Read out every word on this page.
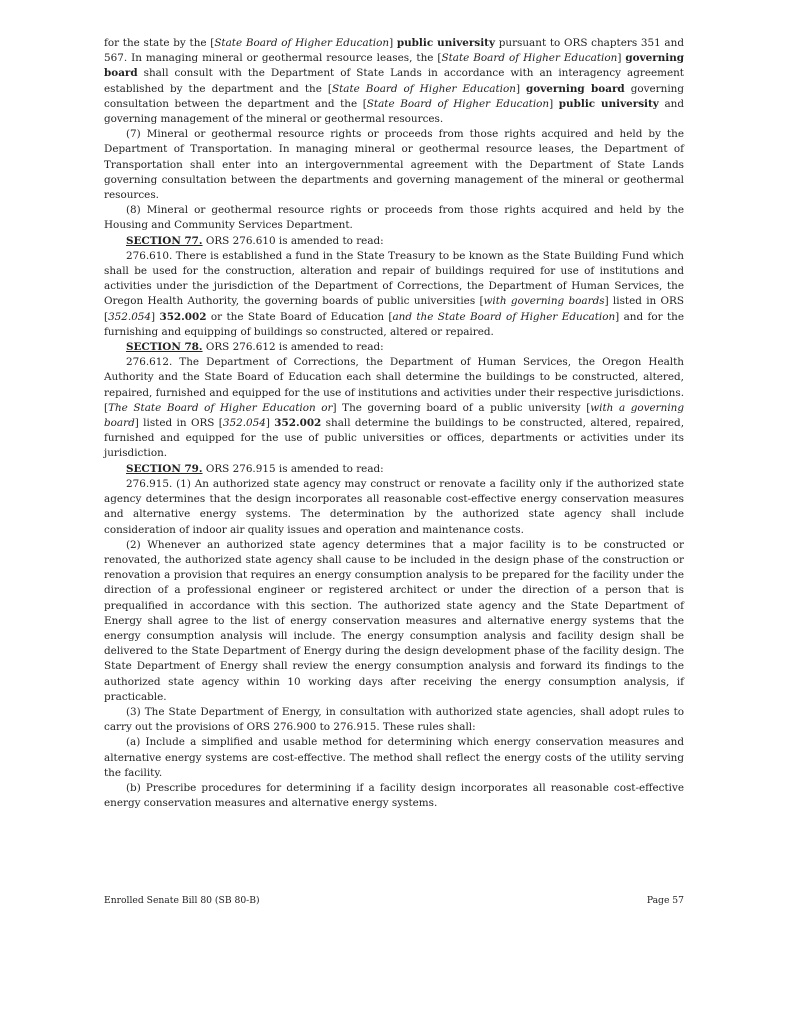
for the state by the [State Board of Higher Education] public university pursuant to ORS chapters 351 and 567. In managing mineral or geothermal resource leases, the [State Board of Higher Education] governing board shall consult with the Department of State Lands in accordance with an interagency agreement established by the department and the [State Board of Higher Education] governing board governing consultation between the department and the [State Board of Higher Education] public university and governing management of the mineral or geothermal resources.

(7) Mineral or geothermal resource rights or proceeds from those rights acquired and held by the Department of Transportation. In managing mineral or geothermal resource leases, the Department of Transportation shall enter into an intergovernmental agreement with the Department of State Lands governing consultation between the departments and governing management of the mineral or geothermal resources.

(8) Mineral or geothermal resource rights or proceeds from those rights acquired and held by the Housing and Community Services Department.

SECTION 77. ORS 276.610 is amended to read:

276.610. There is established a fund in the State Treasury to be known as the State Building Fund which shall be used for the construction, alteration and repair of buildings required for use of institutions and activities under the jurisdiction of the Department of Corrections, the Department of Human Services, the Oregon Health Authority, the governing boards of public universities [with governing boards] listed in ORS [352.054] 352.002 or the State Board of Education [and the State Board of Higher Education] and for the furnishing and equipping of buildings so constructed, altered or repaired.

SECTION 78. ORS 276.612 is amended to read:

276.612. The Department of Corrections, the Department of Human Services, the Oregon Health Authority and the State Board of Education each shall determine the buildings to be constructed, altered, repaired, furnished and equipped for the use of institutions and activities under their respective jurisdictions. [The State Board of Higher Education or] The governing board of a public university [with a governing board] listed in ORS [352.054] 352.002 shall determine the buildings to be constructed, altered, repaired, furnished and equipped for the use of public universities or offices, departments or activities under its jurisdiction.

SECTION 79. ORS 276.915 is amended to read:

276.915. (1) An authorized state agency may construct or renovate a facility only if the authorized state agency determines that the design incorporates all reasonable cost-effective energy conservation measures and alternative energy systems. The determination by the authorized state agency shall include consideration of indoor air quality issues and operation and maintenance costs.

(2) Whenever an authorized state agency determines that a major facility is to be constructed or renovated, the authorized state agency shall cause to be included in the design phase of the construction or renovation a provision that requires an energy consumption analysis to be prepared for the facility under the direction of a professional engineer or registered architect or under the direction of a person that is prequalified in accordance with this section. The authorized state agency and the State Department of Energy shall agree to the list of energy conservation measures and alternative energy systems that the energy consumption analysis will include. The energy consumption analysis and facility design shall be delivered to the State Department of Energy during the design development phase of the facility design. The State Department of Energy shall review the energy consumption analysis and forward its findings to the authorized state agency within 10 working days after receiving the energy consumption analysis, if practicable.

(3) The State Department of Energy, in consultation with authorized state agencies, shall adopt rules to carry out the provisions of ORS 276.900 to 276.915. These rules shall:

(a) Include a simplified and usable method for determining which energy conservation measures and alternative energy systems are cost-effective. The method shall reflect the energy costs of the utility serving the facility.

(b) Prescribe procedures for determining if a facility design incorporates all reasonable cost-effective energy conservation measures and alternative energy systems.

Enrolled Senate Bill 80 (SB 80-B)	Page 57
